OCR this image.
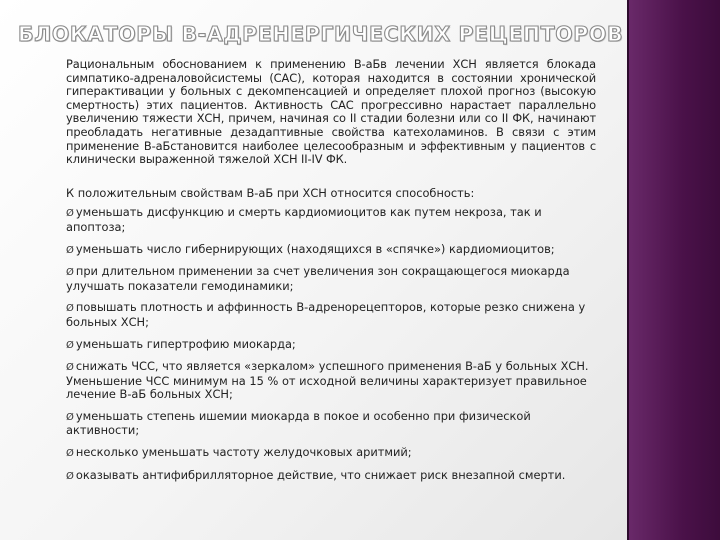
БЛОКАТОРЫ B-АДРЕНЕРГИЧЕСКИХ РЕЦЕПТОРОВ
Рациональным обоснованием к применению В-аБв лечении ХСН является блокада симпатико-адреналовойсистемы (САС), которая находится в состоянии хронической гиперактивации у больных с декомпенсацией и определяет плохой прогноз (высокую смертность) этих пациентов. Активность САС прогрессивно нарастает параллельно увеличению тяжести ХСН, причем, начиная со II стадии болезни или со II ФК, начинают преобладать негативные дезадаптивные свойства катехоламинов. В связи с этим применение В-аБстановится наиболее целесообразным и эффективным у пациентов с клинически выраженной тяжелой ХСН II-IV ФК.
К положительным свойствам В-аБ при ХСН относится способность:
Ø уменьшать дисфункцию и смерть кардиомиоцитов как путем некроза, так и апоптоза;
Ø уменьшать число гибернирующих (находящихся в «спячке») кардиомиоцитов;
Ø при длительном применении за счет увеличения зон сокращающегося миокарда улучшать показатели гемодинамики;
Ø повышать плотность и аффинность В-адренорецепторов, которые резко снижена у больных ХСН;
Ø уменьшать гипертрофию миокарда;
Ø снижать ЧСС, что является «зеркалом» успешного применения В-аБ у больных ХСН. Уменьшение ЧСС минимум на 15 % от исходной величины характеризует правильное лечение В-аБ больных ХСН;
Ø уменьшать степень ишемии миокарда в покое и особенно при физической активности;
Ø несколько уменьшать частоту желудочковых аритмий;
Ø оказывать антифибрилляторное действие, что снижает риск внезапной смерти.
